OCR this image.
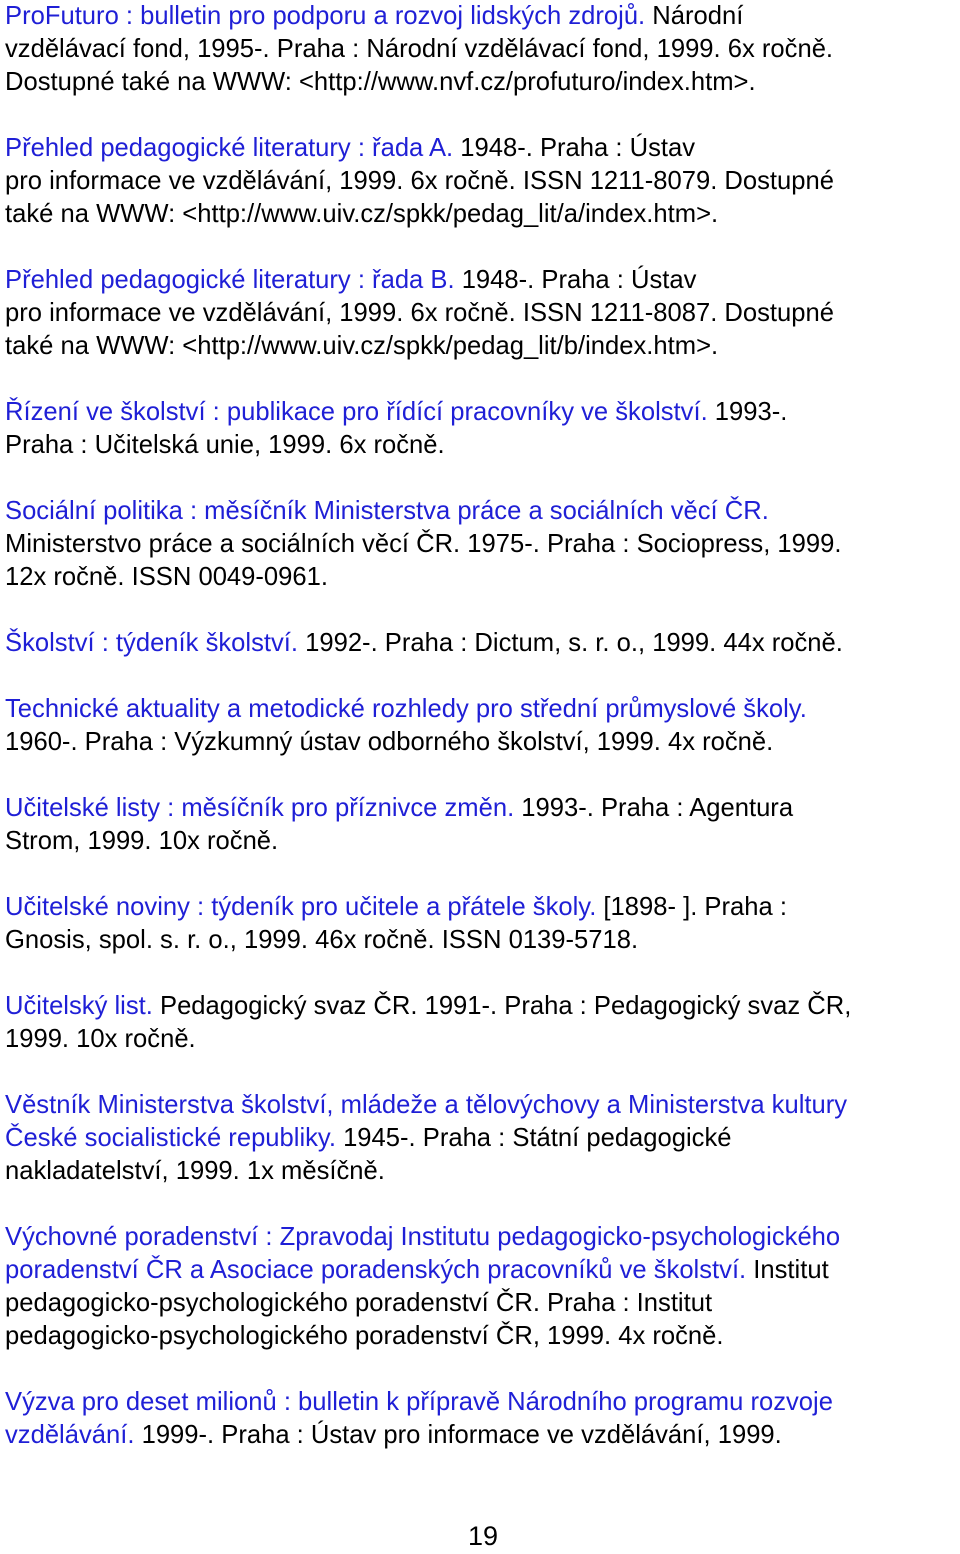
ProFuturo : bulletin pro podporu a rozvoj lidských zdrojů. Národní
vzdělávací fond, 1995-. Praha : Národní vzdělávací fond, 1999. 6x ročně.
Dostupné také na WWW: <http://www.nvf.cz/profuturo/index.htm>.

Přehled pedagogické literatury : řada A. 1948-. Praha : Ústav
pro informace ve vzdělávání, 1999. 6x ročně. ISSN 1211-8079. Dostupné
také na WWW: <http://www.uiv.cz/spkk/pedag_lit/a/index.htm>.

Přehled pedagogické literatury : řada B. 1948-. Praha : Ústav
pro informace ve vzdělávání, 1999. 6x ročně. ISSN 1211-8087. Dostupné
také na WWW: <http://www.uiv.cz/spkk/pedag_lit/b/index.htm>.

Řízení ve školství : publikace pro řídící pracovníky ve školství. 1993-.
Praha : Učitelská unie, 1999. 6x ročně.

Sociální politika : měsíčník Ministerstva práce a sociálních věcí ČR.
Ministerstvo práce a sociálních věcí ČR. 1975-. Praha : Sociopress, 1999.
12x ročně. ISSN 0049-0961.

Školství : týdeník školství. 1992-. Praha : Dictum, s. r. o., 1999. 44x ročně.

Technické aktuality a metodické rozhledy pro střední průmyslové školy.
1960-. Praha : Výzkumný ústav odborného školství, 1999. 4x ročně.

Učitelské listy : měsíčník pro příznivce změn. 1993-. Praha : Agentura
Strom, 1999. 10x ročně.

Učitelské noviny : týdeník pro učitele a přátele školy. [1898- ]. Praha :
Gnosis, spol. s. r. o., 1999. 46x ročně. ISSN 0139-5718.

Učitelský list. Pedagogický svaz ČR. 1991-. Praha : Pedagogický svaz ČR,
1999. 10x ročně.

Věstník Ministerstva školství, mládeže a tělovýchovy a Ministerstva kultury
České socialistické republiky. 1945-. Praha : Státní pedagogické
nakladatelství, 1999. 1x měsíčně.

Výchovné poradenství : Zpravodaj Institutu pedagogicko-psychologického
poradenství ČR a Asociace poradenských pracovníků ve školství. Institut
pedagogicko-psychologického poradenství ČR. Praha : Institut
pedagogicko-psychologického poradenství ČR, 1999. 4x ročně.

Výzva pro deset milionů : bulletin k přípravě Národního programu rozvoje
vzdělávání. 1999-. Praha : Ústav pro informace ve vzdělávání, 1999.

19
